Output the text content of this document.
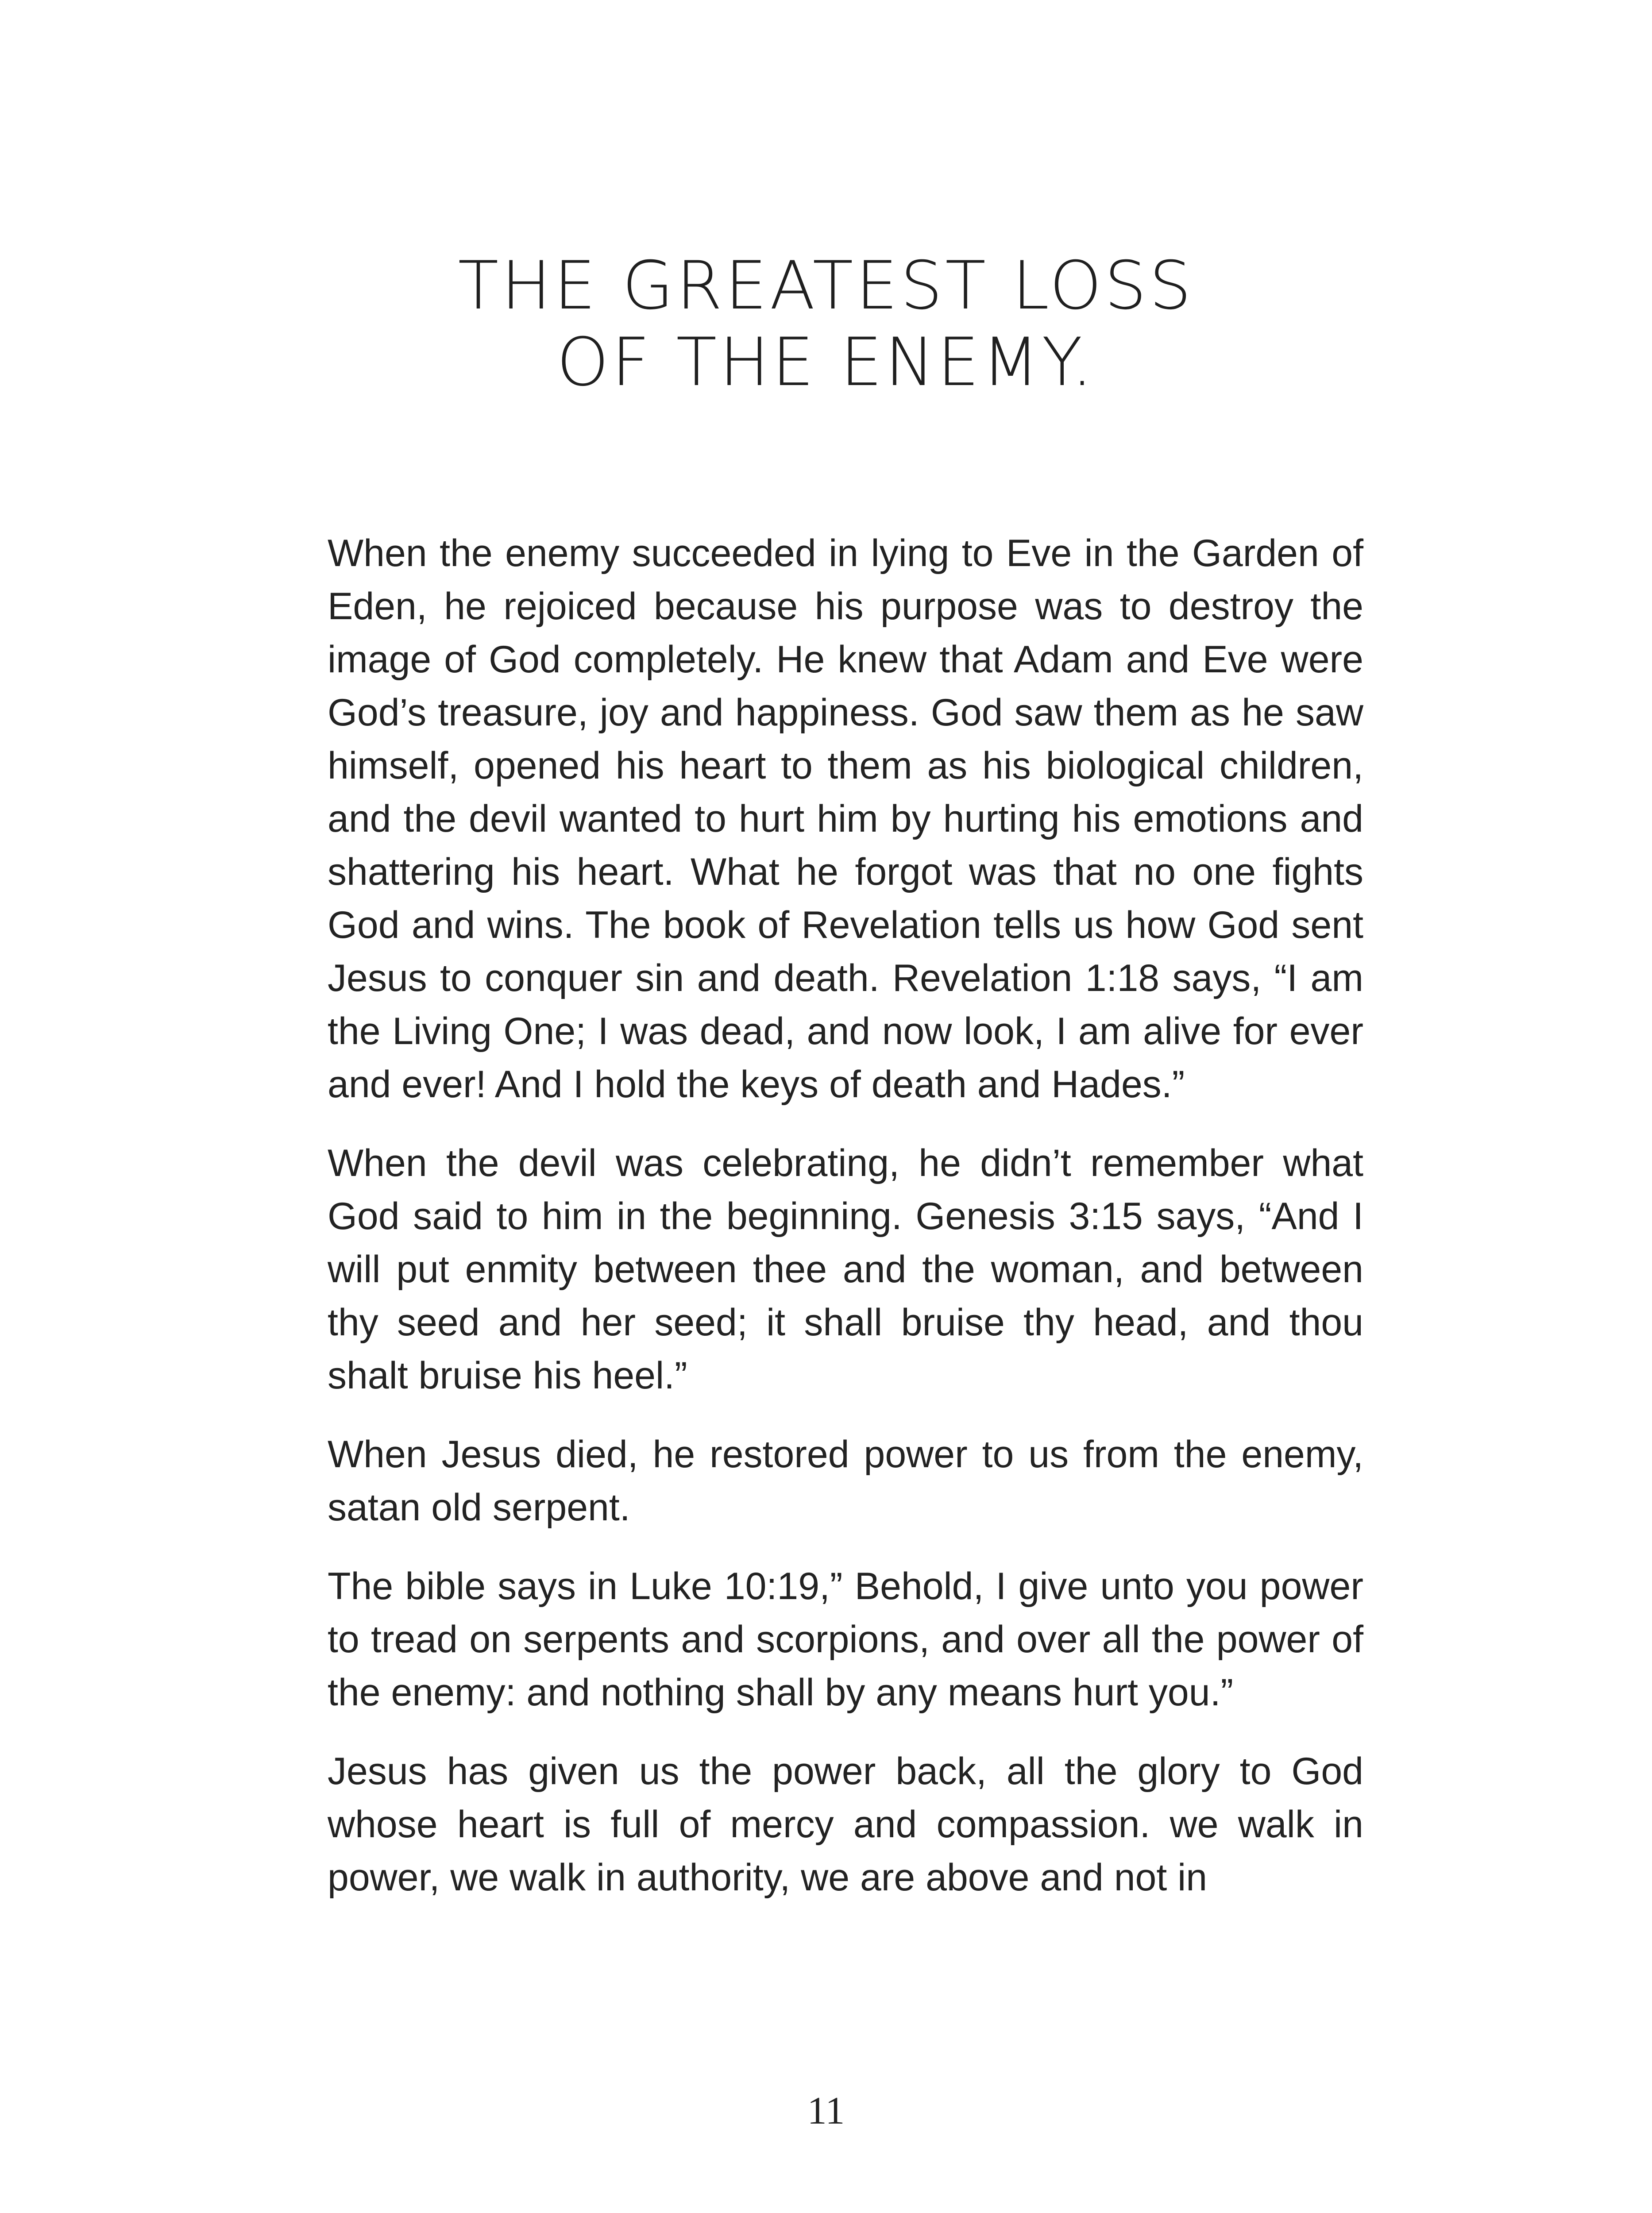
THE GREATEST LOSS
OF THE ENEMY.

When the enemy succeeded in lying to Eve in the Garden of Eden, he rejoiced because his purpose was to destroy the image of God completely. He knew that Adam and Eve were God’s treasure, joy and happiness. God saw them as he saw himself, opened his heart to them as his biological children, and the devil wanted to hurt him by hurting his emotions and shattering his heart. What he forgot was that no one fights God and wins. The book of Revelation tells us how God sent Jesus to conquer sin and death. Revelation 1:18 says, “I am the Living One; I was dead, and now look, I am alive for ever and ever! And I hold the keys of death and Hades.”

When the devil was celebrating, he didn’t remember what God said to him in the beginning. Genesis 3:15 says, “And I will put enmity between thee and the woman, and between thy seed and her seed; it shall bruise thy head, and thou shalt bruise his heel.”

When Jesus died, he restored power to us from the enemy, satan old serpent.

The bible says in Luke 10:19,” Behold, I give unto you power to tread on serpents and scorpions, and over all the power of the enemy: and nothing shall by any means hurt you.”

Jesus has given us the power back, all the glory to God whose heart is full of mercy and compassion. we walk in power, we walk in authority, we are above and not in

11
